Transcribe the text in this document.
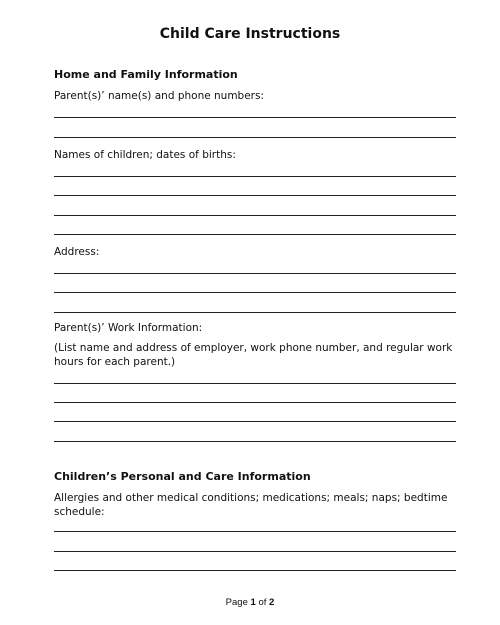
Child Care Instructions
Home and Family Information
Parent(s)’ name(s) and phone numbers:
Names of children; dates of births:
Address:
Parent(s)’ Work Information:
(List name and address of employer, work phone number, and regular work hours for each parent.)
Children’s Personal and Care Information
Allergies and other medical conditions; medications; meals; naps; bedtime schedule:
Page 1 of 2
